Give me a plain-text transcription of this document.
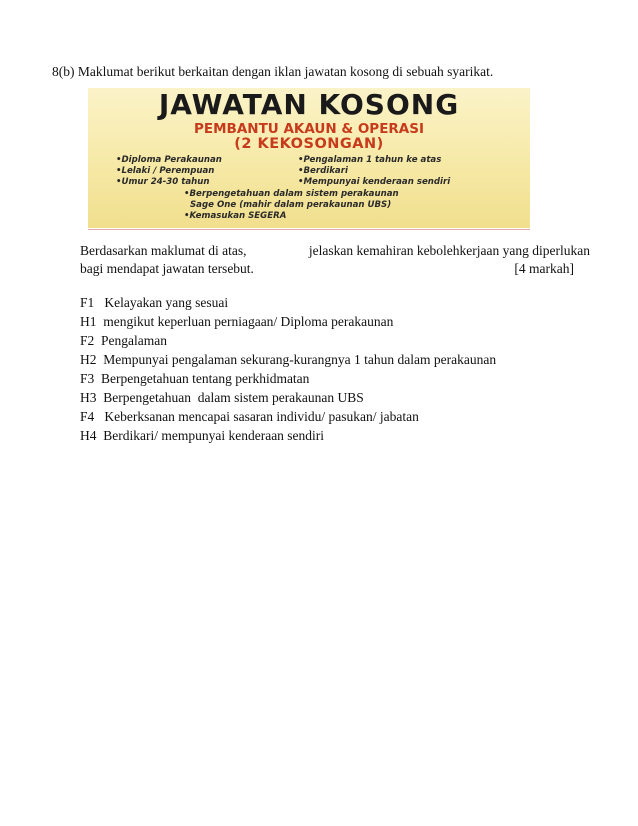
8(b) Maklumat berikut berkaitan dengan iklan jawatan kosong di sebuah syarikat.
JAWATAN KOSONG
PEMBANTU AKAUN & OPERASI
(2 KEKOSONGAN)
•Diploma Perakaunan
•Lelaki / Perempuan
•Umur 24-30 tahun
•Pengalaman 1 tahun ke atas
•Berdikari
•Mempunyai kenderaan sendiri
•Berpengetahuan dalam sistem perakaunan
Sage One (mahir dalam perakaunan UBS)
•Kemasukan SEGERA
Berdasarkan maklumat di atas,	jelaskan kemahiran kebolehkerjaan yang diperlukan
bagi mendapat jawatan tersebut.	[4 markah]
F1   Kelayakan yang sesuai
H1  mengikut keperluan perniagaan/ Diploma perakaunan
F2  Pengalaman
H2  Mempunyai pengalaman sekurang-kurangnya 1 tahun dalam perakaunan
F3  Berpengetahuan tentang perkhidmatan
H3  Berpengetahuan  dalam sistem perakaunan UBS
F4   Keberksanan mencapai sasaran individu/ pasukan/ jabatan
H4  Berdikari/ mempunyai kenderaan sendiri
